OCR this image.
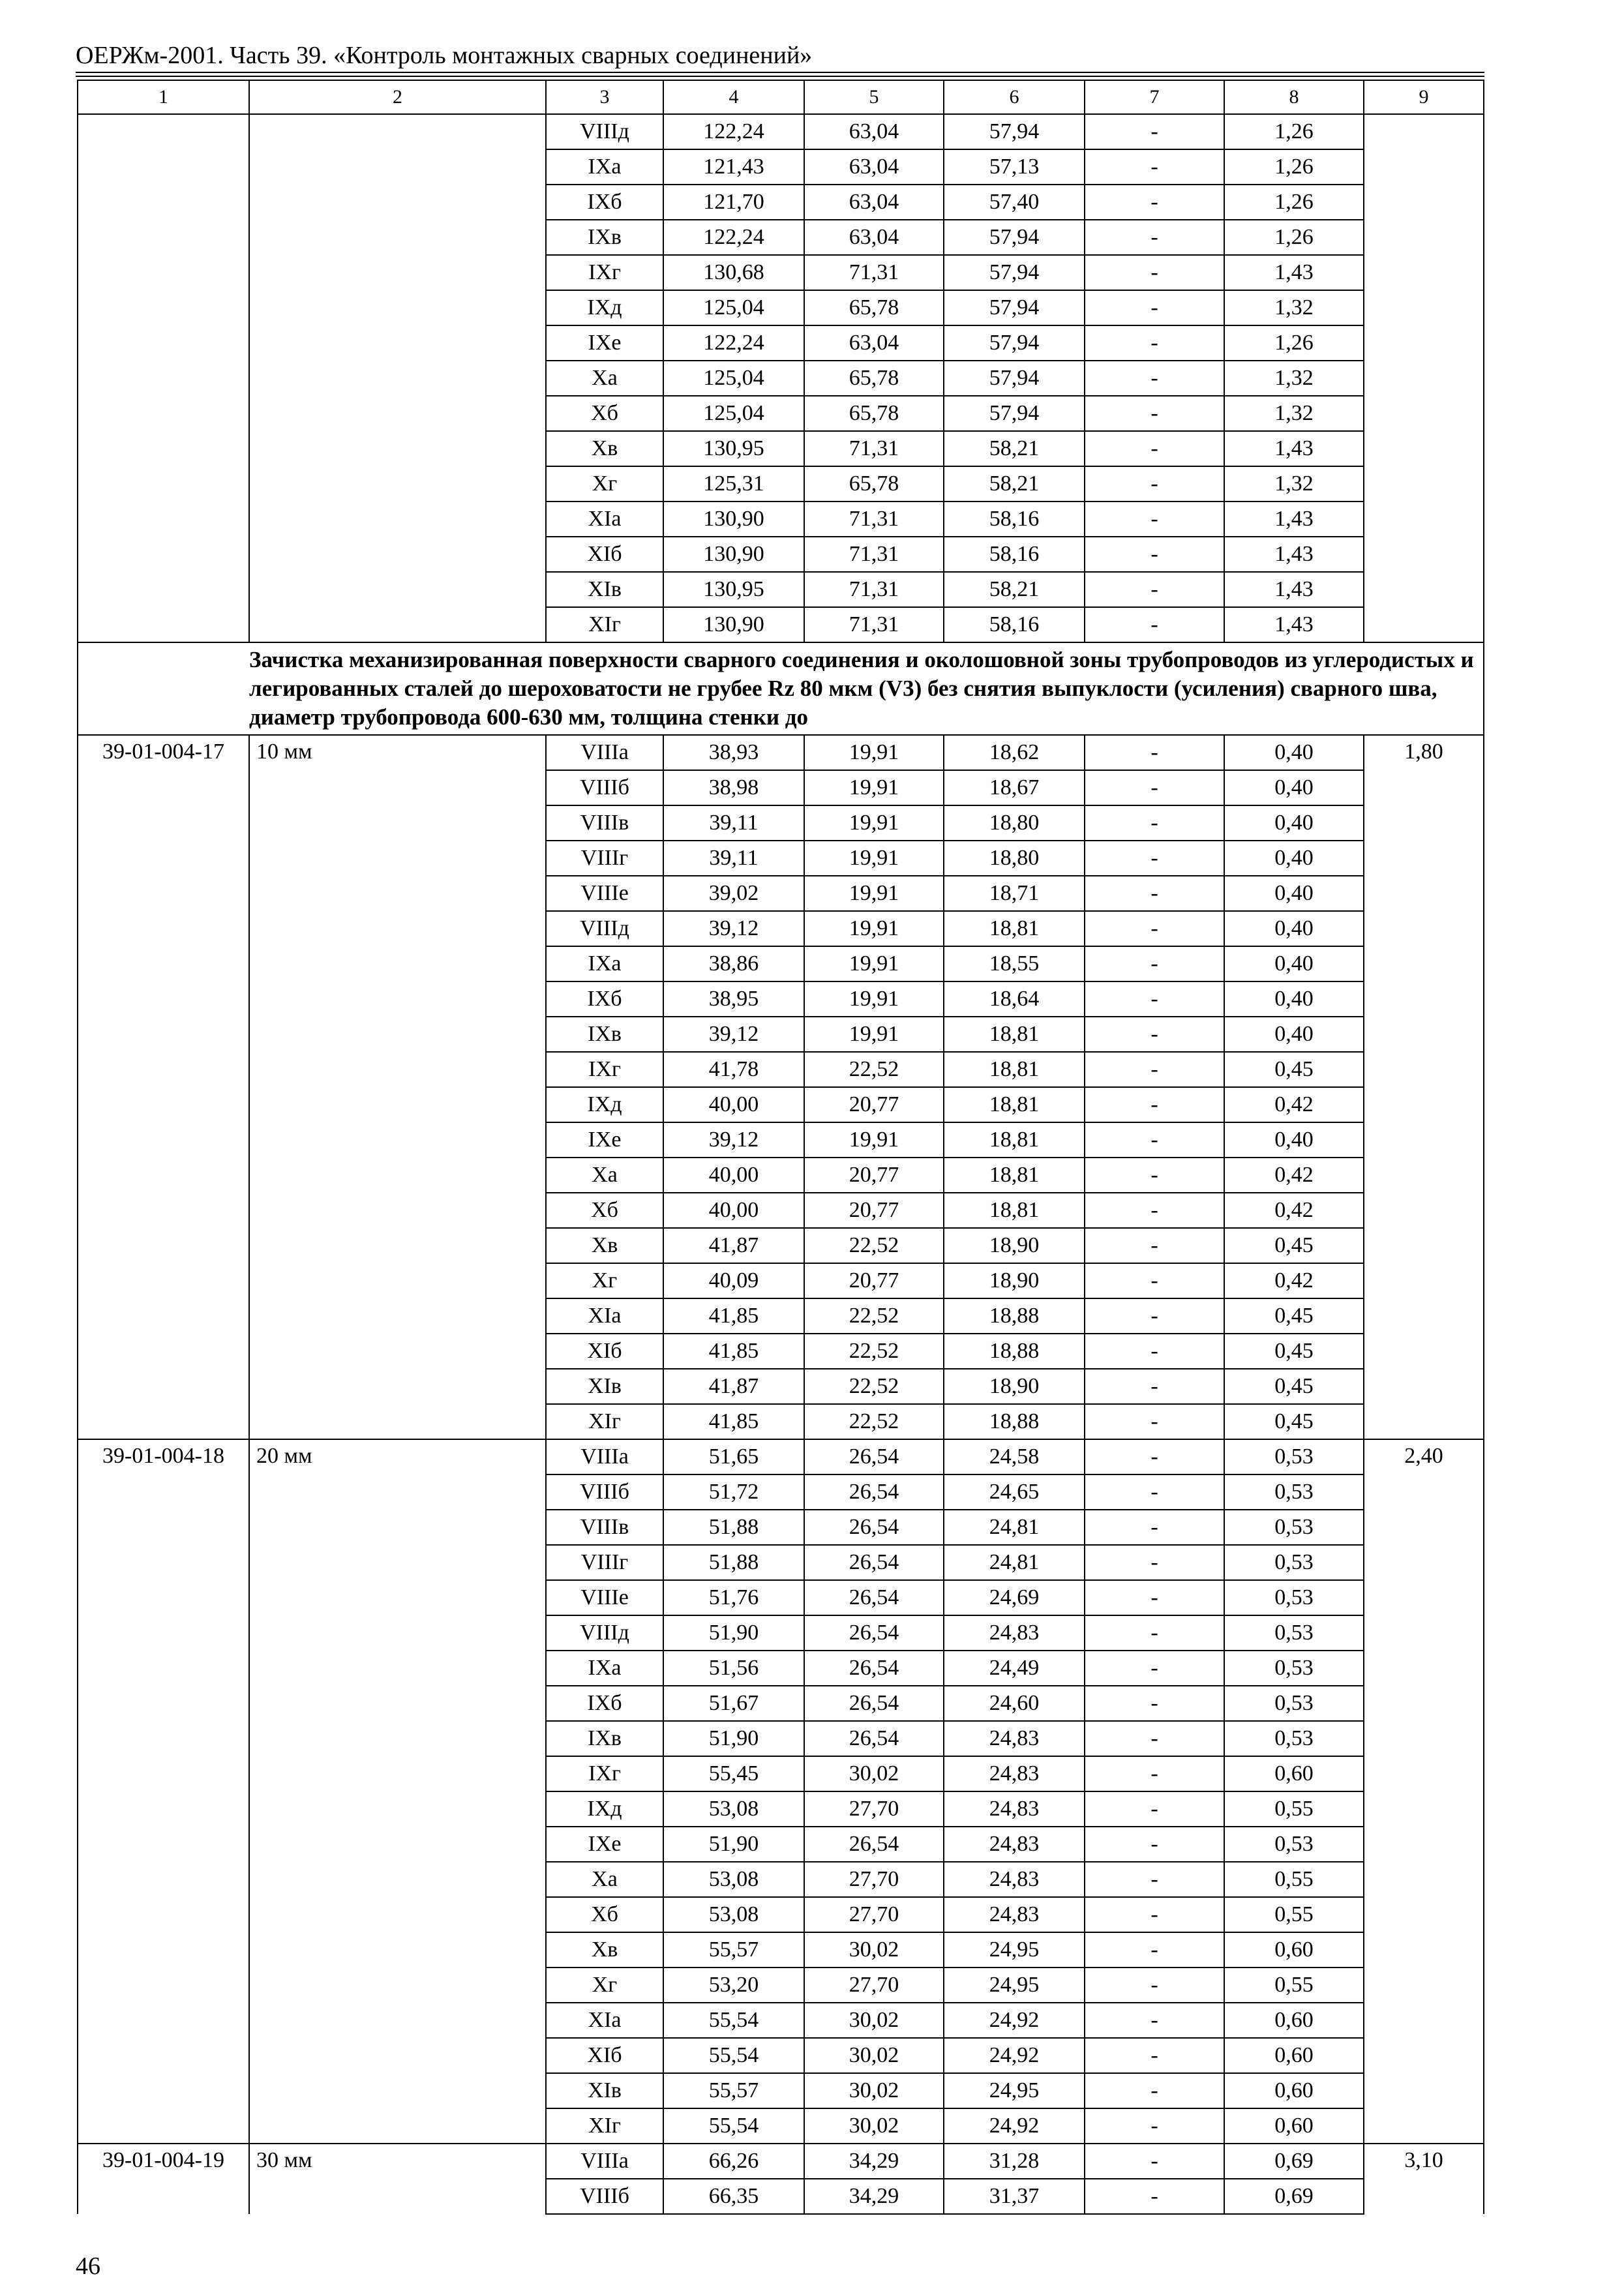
ОЕРЖм-2001. Часть 39. «Контроль монтажных сварных соединений»
1	2	3	4	5	6	7	8	9
		VIIIд	122,24	63,04	57,94	-	1,26	
		IXa	121,43	63,04	57,13	-	1,26	
		IXб	121,70	63,04	57,40	-	1,26	
		IXв	122,24	63,04	57,94	-	1,26	
		IXг	130,68	71,31	57,94	-	1,43	
		IXд	125,04	65,78	57,94	-	1,32	
		IXe	122,24	63,04	57,94	-	1,26	
		Xa	125,04	65,78	57,94	-	1,32	
		Xб	125,04	65,78	57,94	-	1,32	
		Xв	130,95	71,31	58,21	-	1,43	
		Xг	125,31	65,78	58,21	-	1,32	
		XIa	130,90	71,31	58,16	-	1,43	
		XIб	130,90	71,31	58,16	-	1,43	
		XIв	130,95	71,31	58,21	-	1,43	
		XIг	130,90	71,31	58,16	-	1,43	
	Зачистка механизированная поверхности сварного соединения и околошовной зоны трубопроводов из углеродистых и легированных сталей до шероховатости не грубее Rz 80 мкм (V3) без снятия выпуклости (усиления) сварного шва, диаметр трубопровода 600-630 мм, толщина стенки до							
39-01-004-17	10 мм	VIIIa	38,93	19,91	18,62	-	0,40	1,80
		VIIIб	38,98	19,91	18,67	-	0,40	
		VIIIв	39,11	19,91	18,80	-	0,40	
		VIIIг	39,11	19,91	18,80	-	0,40	
		VIIIe	39,02	19,91	18,71	-	0,40	
		VIIIд	39,12	19,91	18,81	-	0,40	
		IXa	38,86	19,91	18,55	-	0,40	
		IXб	38,95	19,91	18,64	-	0,40	
		IXв	39,12	19,91	18,81	-	0,40	
		IXг	41,78	22,52	18,81	-	0,45	
		IXд	40,00	20,77	18,81	-	0,42	
		IXe	39,12	19,91	18,81	-	0,40	
		Xa	40,00	20,77	18,81	-	0,42	
		Xб	40,00	20,77	18,81	-	0,42	
		Xв	41,87	22,52	18,90	-	0,45	
		Xг	40,09	20,77	18,90	-	0,42	
		XIa	41,85	22,52	18,88	-	0,45	
		XIб	41,85	22,52	18,88	-	0,45	
		XIв	41,87	22,52	18,90	-	0,45	
		XIг	41,85	22,52	18,88	-	0,45	
39-01-004-18	20 мм	VIIIa	51,65	26,54	24,58	-	0,53	2,40
		VIIIб	51,72	26,54	24,65	-	0,53	
		VIIIв	51,88	26,54	24,81	-	0,53	
		VIIIг	51,88	26,54	24,81	-	0,53	
		VIIIe	51,76	26,54	24,69	-	0,53	
		VIIIд	51,90	26,54	24,83	-	0,53	
		IXa	51,56	26,54	24,49	-	0,53	
		IXб	51,67	26,54	24,60	-	0,53	
		IXв	51,90	26,54	24,83	-	0,53	
		IXг	55,45	30,02	24,83	-	0,60	
		IXд	53,08	27,70	24,83	-	0,55	
		IXe	51,90	26,54	24,83	-	0,53	
		Xa	53,08	27,70	24,83	-	0,55	
		Xб	53,08	27,70	24,83	-	0,55	
		Xв	55,57	30,02	24,95	-	0,60	
		Xг	53,20	27,70	24,95	-	0,55	
		XIa	55,54	30,02	24,92	-	0,60	
		XIб	55,54	30,02	24,92	-	0,60	
		XIв	55,57	30,02	24,95	-	0,60	
		XIг	55,54	30,02	24,92	-	0,60	
39-01-004-19	30 мм	VIIIa	66,26	34,29	31,28	-	0,69	3,10
		VIIIб	66,35	34,29	31,37	-	0,69	
46
